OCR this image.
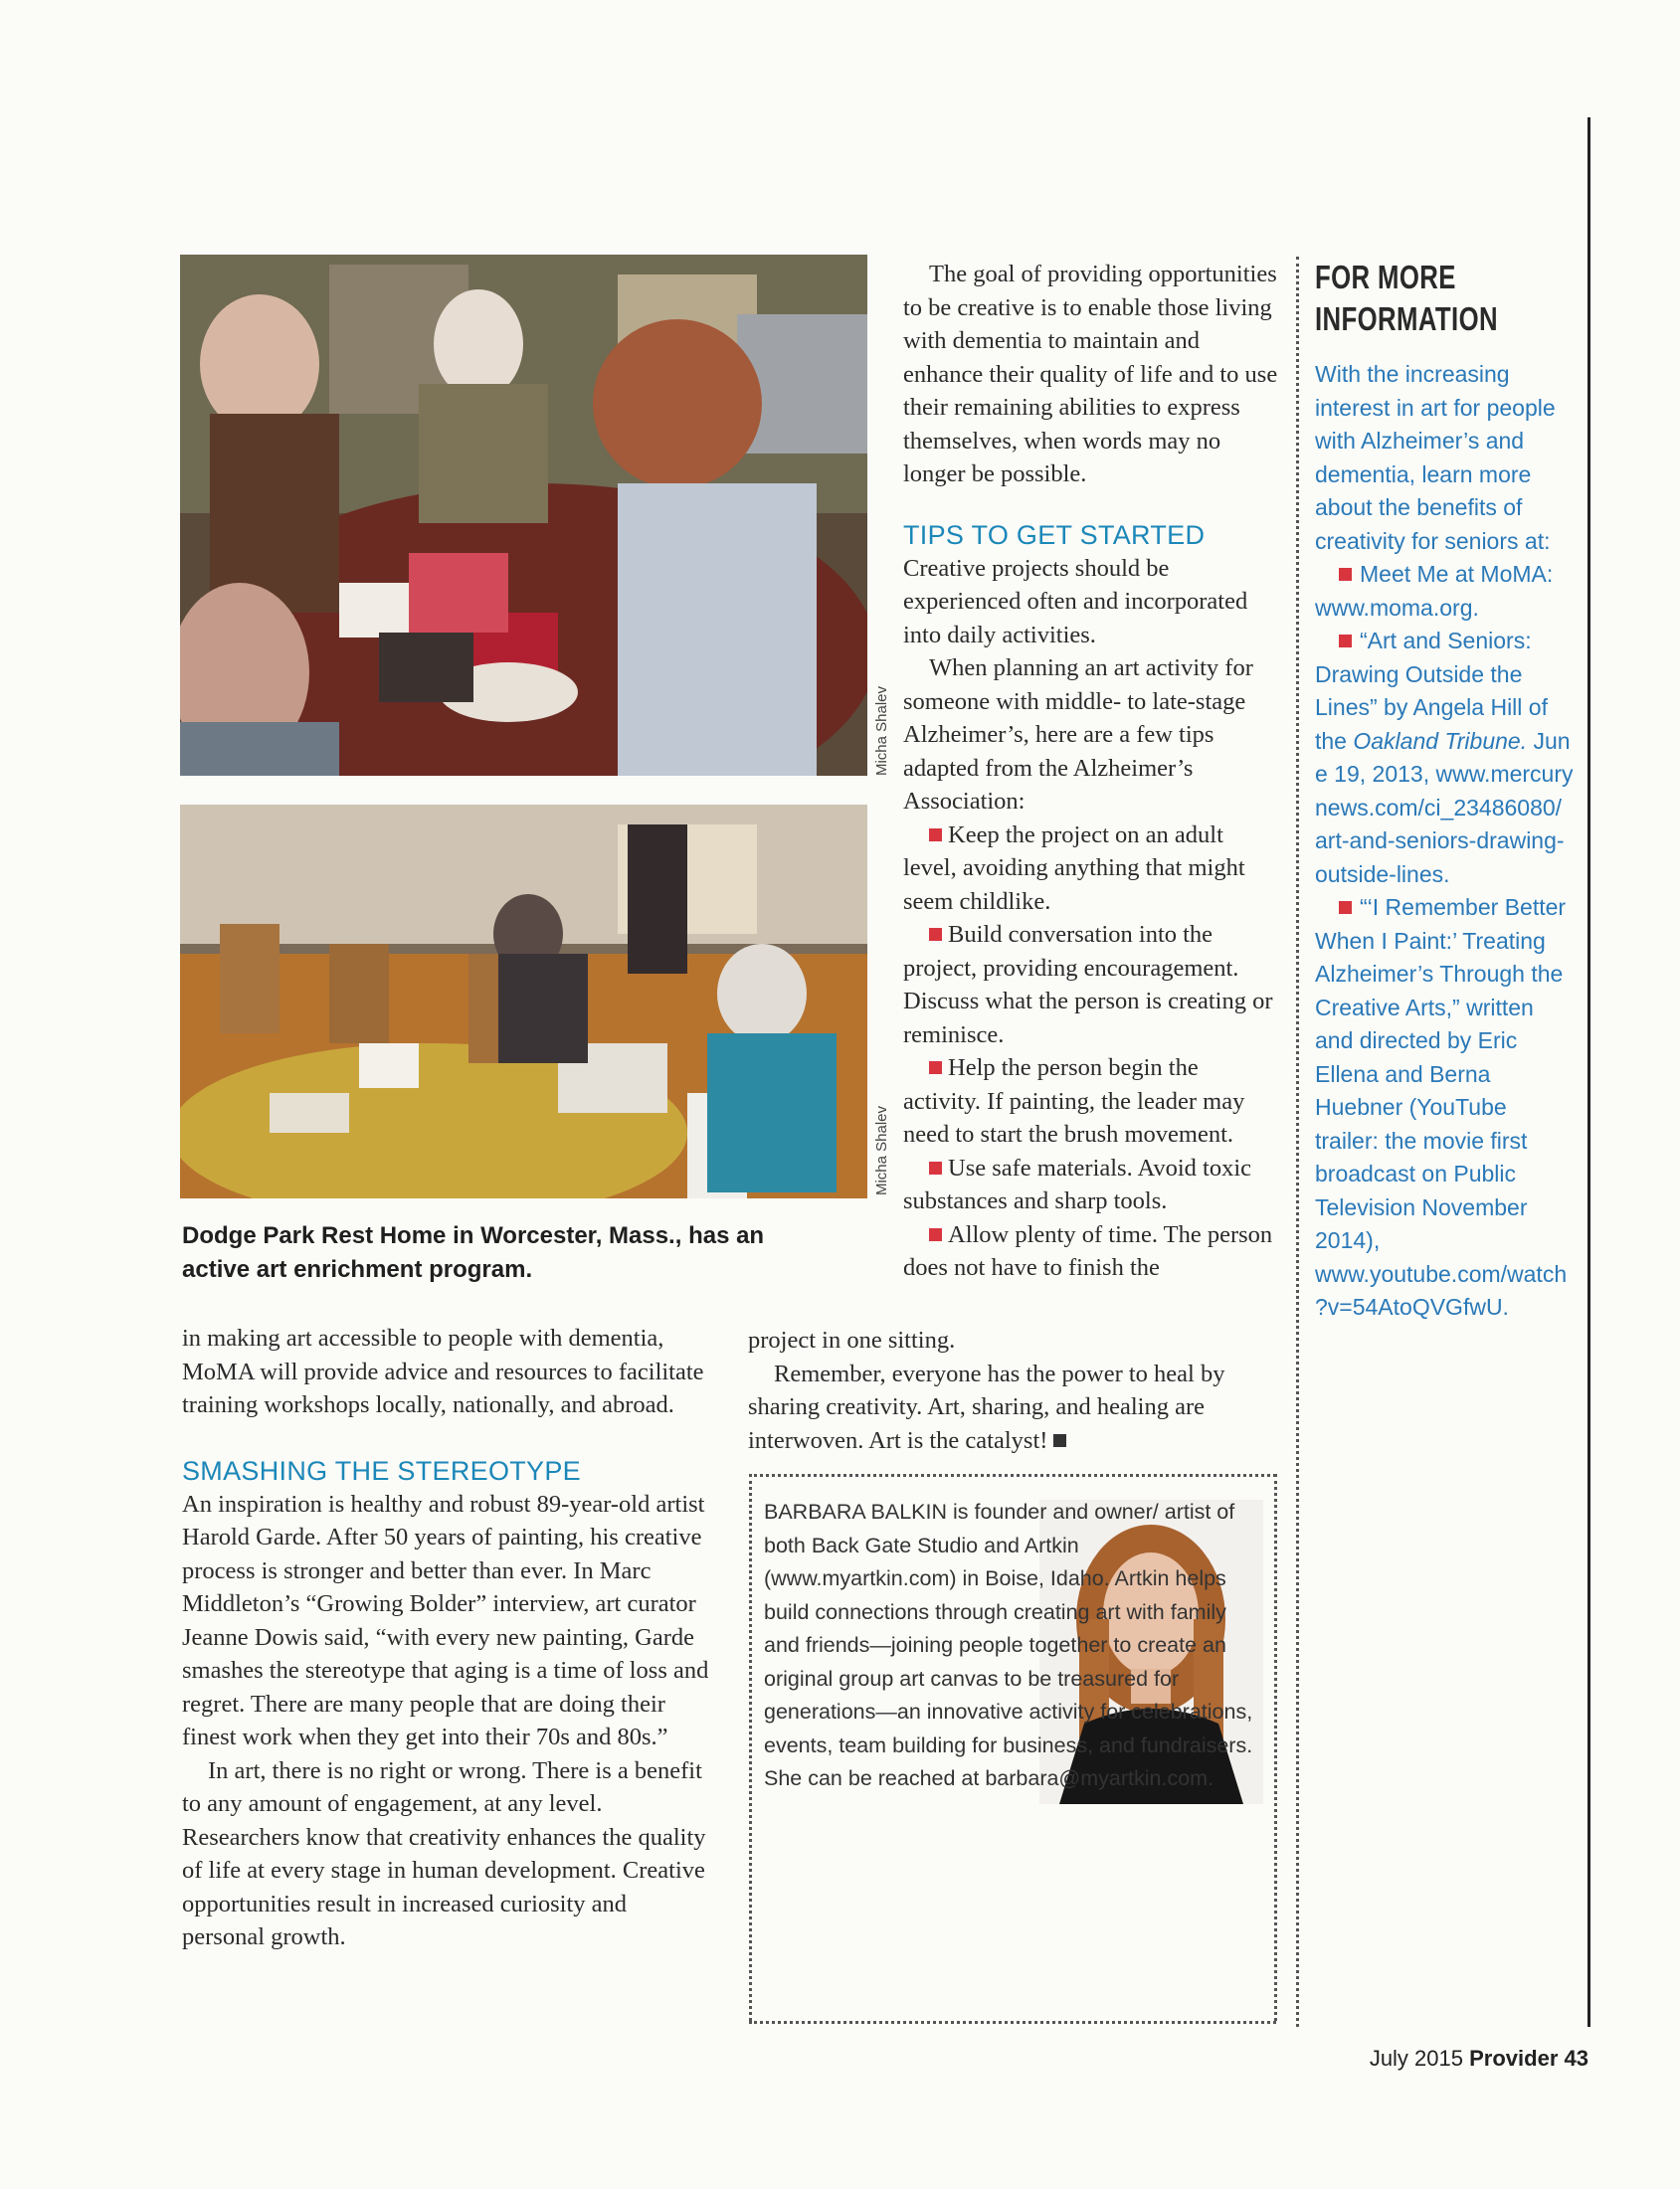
Micha Shalev
Micha Shalev
Dodge Park Rest Home in Worcester, Mass., has an active art enrichment program.

in making art accessible to people with dementia, MoMA will provide advice and resources to facilitate training workshops locally, nationally, and abroad.

SMASHING THE STEREOTYPE

An inspiration is healthy and robust 89-year-old artist Harold Garde. After 50 years of painting, his creative process is stronger and better than ever. In Marc Middleton’s “Growing Bolder” interview, art curator Jeanne Dowis said, “with every new painting, Garde smashes the stereotype that aging is a time of loss and regret. There are many people that are doing their finest work when they get into their 70s and 80s.”

In art, there is no right or wrong. There is a benefit to any amount of engagement, at any level. Researchers know that creativity enhances the quality of life at every stage in human development. Creative opportunities result in increased curiosity and personal growth.

The goal of providing opportunities to be creative is to enable those living with dementia to maintain and enhance their quality of life and to use their remaining abilities to express themselves, when words may no longer be possible.

TIPS TO GET STARTED

Creative projects should be experienced often and incorporated into daily activities.

When planning an art activity for someone with middle- to late-stage Alzheimer’s, here are a few tips adapted from the Alzheimer’s Association:

Keep the project on an adult level, avoiding anything that might seem childlike.

Build conversation into the project, providing encouragement. Discuss what the person is creating or reminisce.

Help the person begin the activity. If painting, the leader may need to start the brush movement.

Use safe materials. Avoid toxic substances and sharp tools.

Allow plenty of time. The person does not have to finish the

project in one sitting.

Remember, everyone has the power to heal by sharing creativity. Art, sharing, and healing are interwoven. Art is the catalyst!

BARBARA BALKIN is founder and owner/ artist of both Back Gate Studio and Artkin (www.myartkin.com) in Boise, Idaho. Artkin helps build connections through creating art with family and friends—joining people together to create an original group art canvas to be treasured for generations—an innovative activity for celebrations, events, team building for business, and fundraisers. She can be reached at barbara@myartkin.com.

FOR MORE
INFORMATION

With the increasing interest in art for people with Alzheimer’s and dementia, learn more about the benefits of creativity for seniors at:

Meet Me at MoMA: www.moma.org.

“Art and Seniors: Drawing Outside the Lines” by Angela Hill of the Oakland Tribune. June 19, 2013, www.mercurynews.com/ci_23486080/art-and-seniors-drawing-outside-lines.

“‘I Remember Better When I Paint:’ Treating Alzheimer’s Through the Creative Arts,” written and directed by Eric Ellena and Berna Huebner (YouTube trailer: the movie first broadcast on Public Television November 2014), www.youtube.com/watch?v=54AtoQVGfwU.

July 2015 Provider 43
